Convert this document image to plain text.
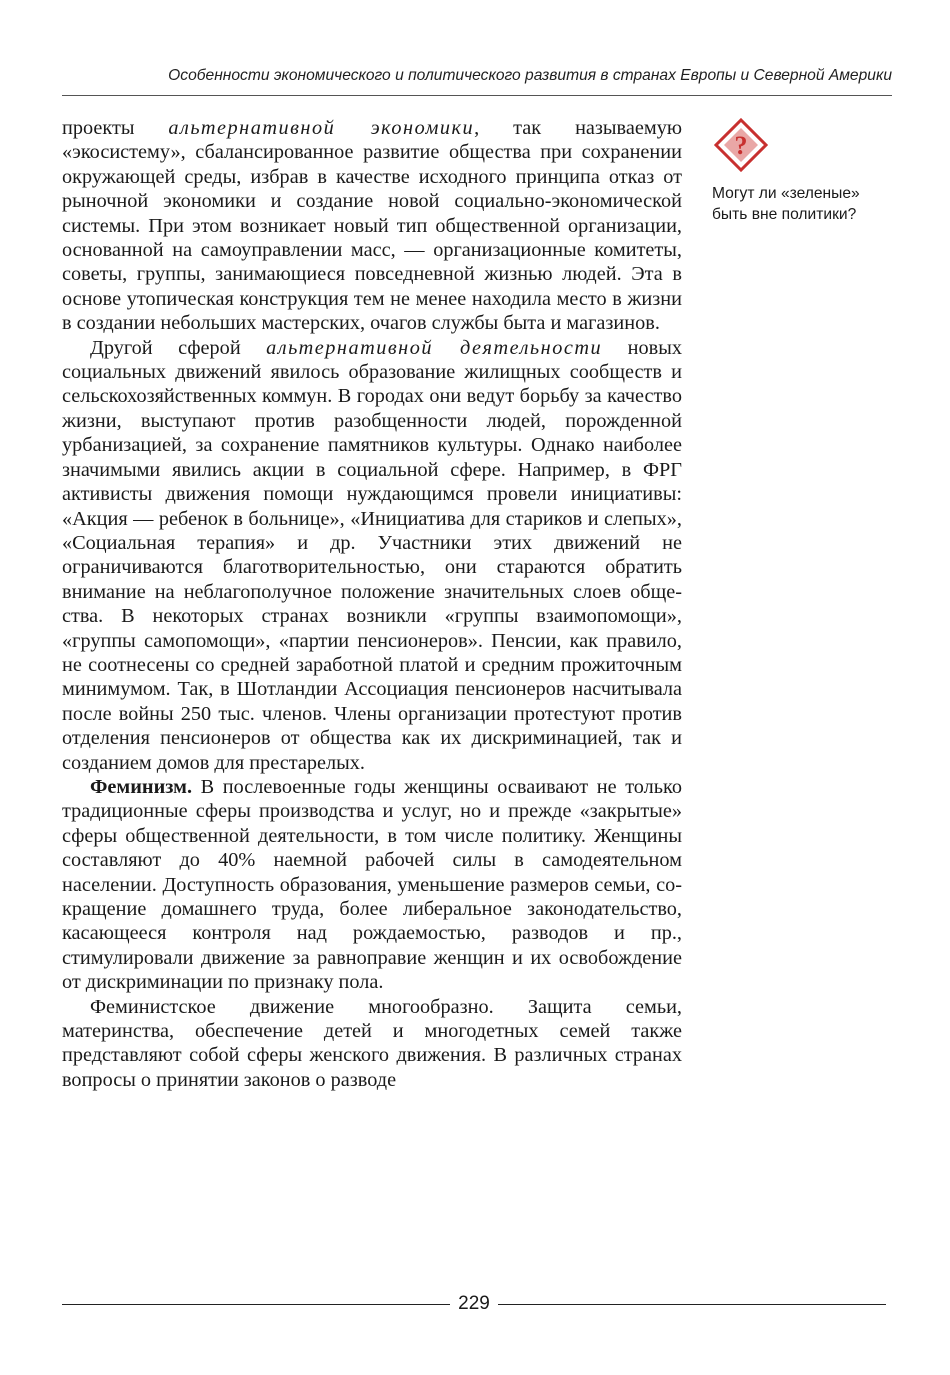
Особенности экономического и политического развития в странах Европы и Северной Америки

проекты альтернативной экономики, так называемую «экосистему», сбалансированное развитие общества при сохранении окружающей среды, избрав в качестве исходного принципа отказ от рыночной экономики и создание новой социально-экономической системы. При этом возникает новый тип общественной организации, основанной на самоуправлении масс, — организационные комитеты, советы, группы, занимающиеся повседневной жизнью людей. Эта в основе утопическая конструкция тем не менее находила место в жизни в создании небольших мастерских, очагов службы быта и магазинов.

Другой сферой альтернативной деятельности новых социальных движений явилось образование жилищных сообществ и сельскохозяйственных коммун. В городах они ведут борьбу за качество жизни, выступают против разобщенности людей, порожденной урбанизацией, за сохранение памятников культуры. Однако наиболее значимыми явились акции в социальной сфере. Например, в ФРГ активисты движения помощи нуждающимся провели инициативы: «Акция — ребенок в больнице», «Инициатива для стариков и слепых», «Социальная терапия» и др. Участники этих движений не ограничиваются благотворительностью, они стараются обратить внимание на неблагополучное положение значительных слоев общества. В некоторых странах возникли «группы взаимопомощи», «группы самопомощи», «партии пенсионеров». Пенсии, как правило, не соотнесены со средней заработной платой и средним прожиточным минимумом. Так, в Шотландии Ассоциация пенсионеров насчитывала после войны 250 тыс. членов. Члены организации протестуют против отделения пенсионеров от общества как их дискриминацией, так и созданием домов для престарелых.

Феминизм. В послевоенные годы женщины осваивают не только традиционные сферы производства и услуг, но и прежде «закрытые» сферы общественной деятельности, в том числе политику. Женщины составляют до 40% наемной рабочей силы в самодеятельном населении. Доступность образования, уменьшение размеров семьи, сокращение домашнего труда, более либеральное законодательство, касающееся контроля над рождаемостью, разводов и пр., стимулировали движение за равноправие женщин и их освобождение от дискриминации по признаку пола.

Феминистское движение многообразно. Защита семьи, материнства, обеспечение детей и многодетных семей также представляют собой сферы женского движения. В различных странах вопросы о принятии законов о разводе

?
Могут ли «зеленые» быть вне политики?
229
